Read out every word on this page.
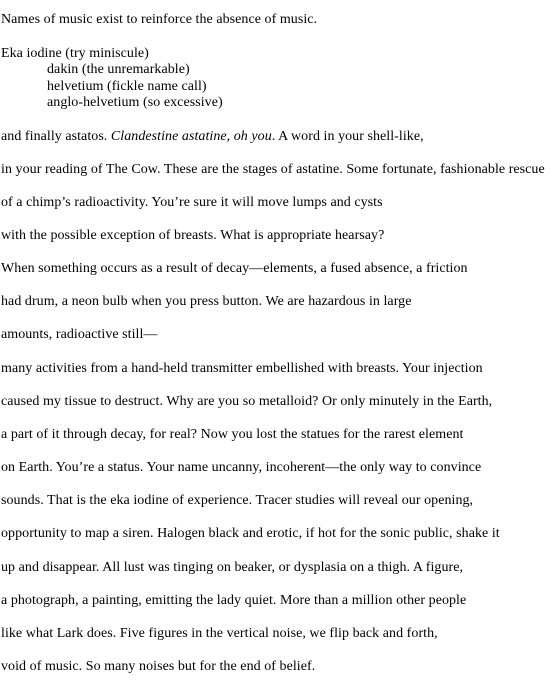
Names of music exist to reinforce the absence of music.
Eka iodine (try miniscule)
dakin (the unremarkable)
helvetium (fickle name call)
anglo-helvetium (so excessive)
and finally astatos. Clandestine astatine, oh you. A word in your shell-like,
in your reading of The Cow. These are the stages of astatine. Some fortunate, fashionable rescue
of a chimp’s radioactivity. You’re sure it will move lumps and cysts
with the possible exception of breasts. What is appropriate hearsay?
When something occurs as a result of decay—elements, a fused absence, a friction
had drum, a neon bulb when you press button. We are hazardous in large
amounts, radioactive still—
many activities from a hand-held transmitter embellished with breasts. Your injection
caused my tissue to destruct. Why are you so metalloid? Or only minutely in the Earth,
a part of it through decay, for real? Now you lost the statues for the rarest element
on Earth. You’re a status. Your name uncanny, incoherent—the only way to convince
sounds. That is the eka iodine of experience. Tracer studies will reveal our opening,
opportunity to map a siren. Halogen black and erotic, if hot for the sonic public, shake it
up and disappear. All lust was tinging on beaker, or dysplasia on a thigh. A figure,
a photograph, a painting, emitting the lady quiet. More than a million other people
like what Lark does. Five figures in the vertical noise, we flip back and forth,
void of music. So many noises but for the end of belief.
